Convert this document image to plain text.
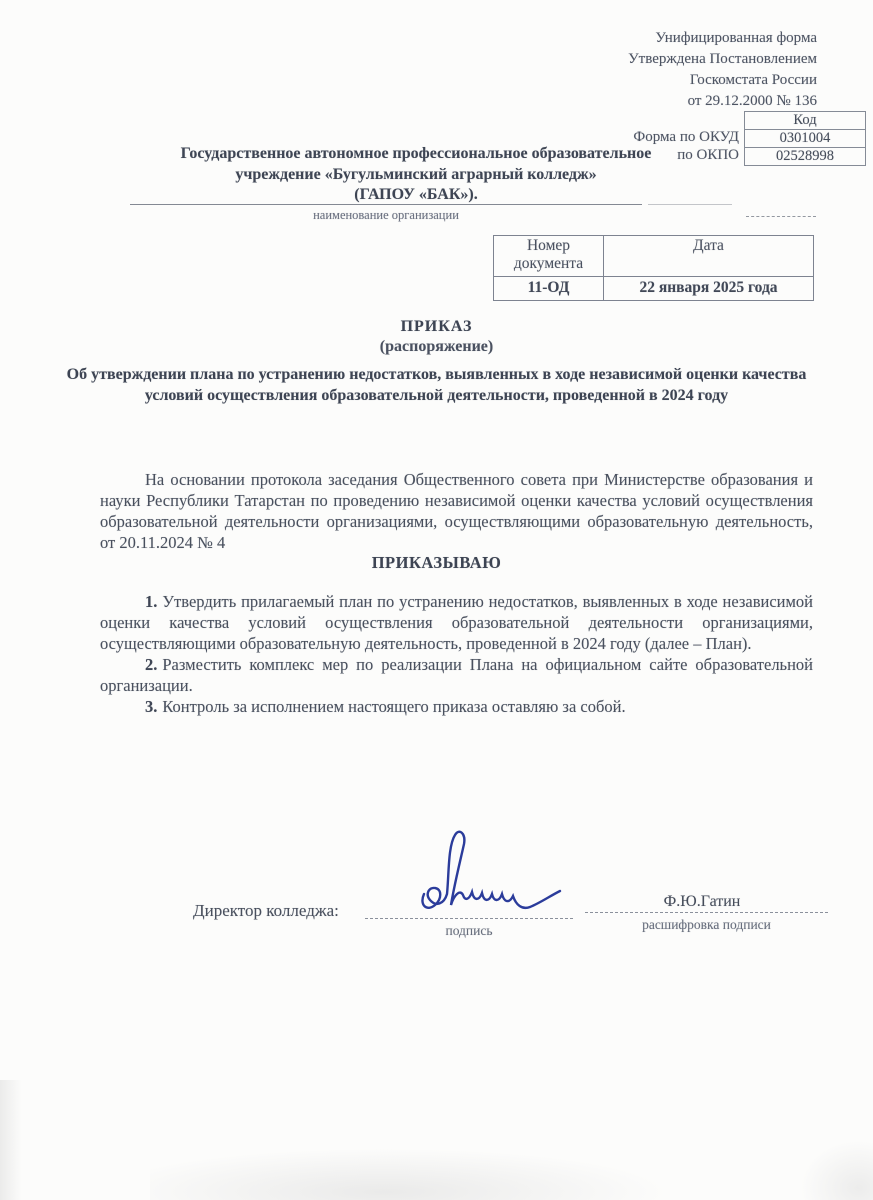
Унифицированная форма
Утверждена Постановлением
Госкомстата России
от 29.12.2000 № 136
Код
0301004
02528998
Форма по ОКУД
по ОКПО
Государственное автономное профессиональное образовательное
учреждение «Бугульминский аграрный колледж»
(ГАПОУ «БАК»).
наименование организации
Номер документа
Дата
11-ОД	22 января 2025 года
ПРИКАЗ
(распоряжение)
Об утверждении плана по устранению недостатков, выявленных в ходе независимой оценки качества условий осуществления образовательной деятельности, проведенной в 2024 году

На основании протокола заседания Общественного совета при Министерстве образования и науки Республики Татарстан по проведению независимой оценки качества условий осуществления образовательной деятельности организациями, осуществляющими образовательную деятельность, от 20.11.2024 № 4

ПРИКАЗЫВАЮ

1. Утвердить прилагаемый план по устранению недостатков, выявленных в ходе независимой оценки качества условий осуществления образовательной деятельности организациями, осуществляющими образовательную деятельность, проведенной в 2024 году (далее – План).

2. Разместить комплекс мер по реализации Плана на официальном сайте образовательной организации.

3. Контроль за исполнением настоящего приказа оставляю за собой.

Директор колледжа:
подпись
Ф.Ю.Гатин
расшифровка подписи
